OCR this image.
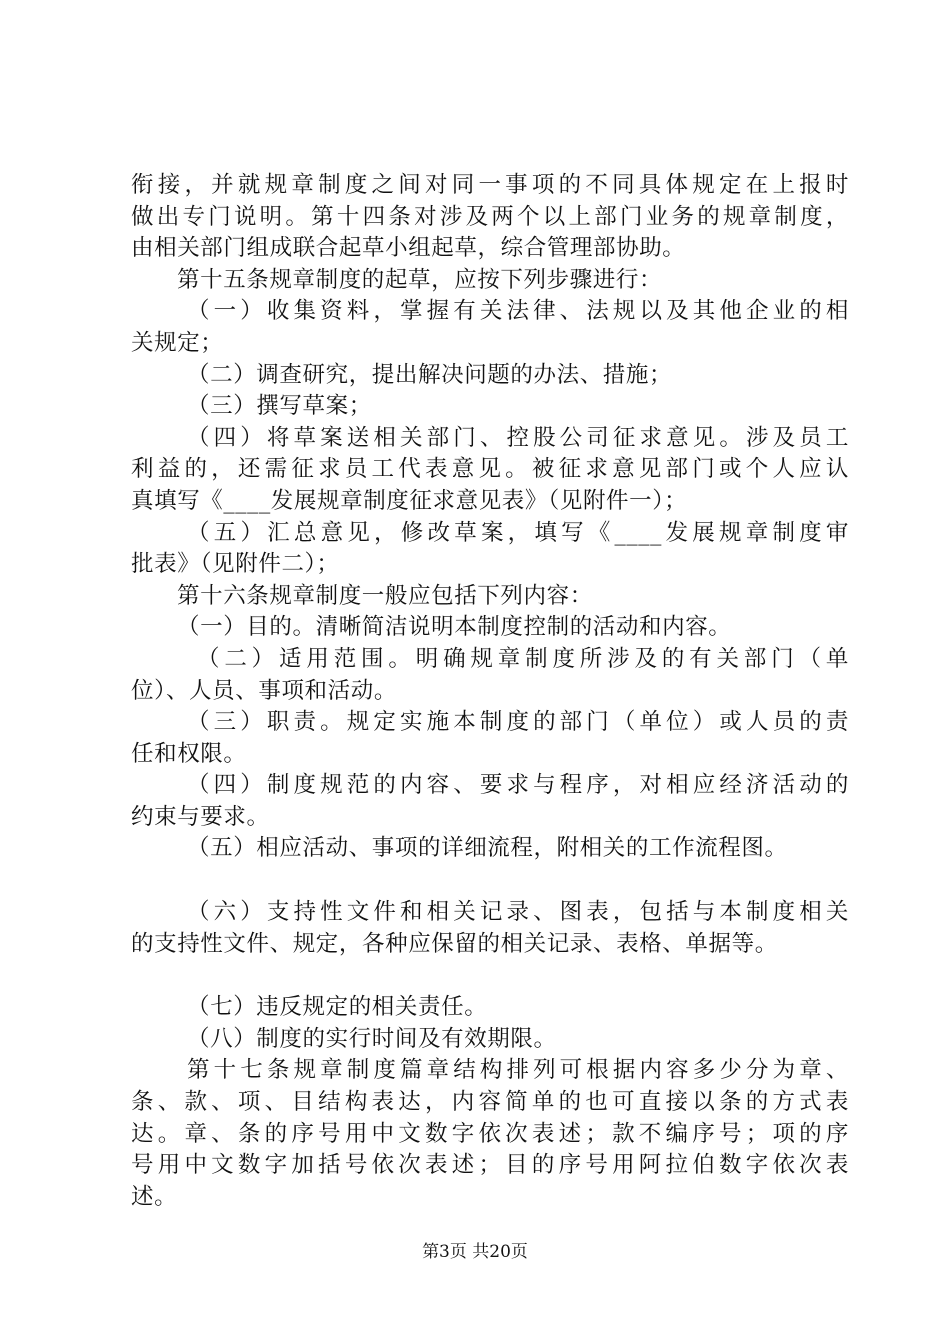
衔接，并就规章制度之间对同一事项的不同具体规定在上报时
做出专门说明。第十四条对涉及两个以上部门业务的规章制度，
由相关部门组成联合起草小组起草，综合管理部协助。
第十五条规章制度的起草，应按下列步骤进行：
（一）收集资料，掌握有关法律、法规以及其他企业的相
关规定；
（二）调查研究，提出解决问题的办法、措施；
（三）撰写草案；
（四）将草案送相关部门、控股公司征求意见。涉及员工
利益的，还需征求员工代表意见。被征求意见部门或个人应认
真填写《____发展规章制度征求意见表》（见附件一）；
（五）汇总意见，修改草案，填写《____发展规章制度审
批表》（见附件二）；
第十六条规章制度一般应包括下列内容：
（一）目的。清晰简洁说明本制度控制的活动和内容。
（二）适用范围。明确规章制度所涉及的有关部门（单
位）、人员、事项和活动。
（三）职责。规定实施本制度的部门（单位）或人员的责
任和权限。
（四）制度规范的内容、要求与程序，对相应经济活动的
约束与要求。
（五）相应活动、事项的详细流程，附相关的工作流程图。
（六）支持性文件和相关记录、图表，包括与本制度相关
的支持性文件、规定，各种应保留的相关记录、表格、单据等。
（七）违反规定的相关责任。
（八）制度的实行时间及有效期限。
第十七条规章制度篇章结构排列可根据内容多少分为章、
条、款、项、目结构表达，内容简单的也可直接以条的方式表
达。章、条的序号用中文数字依次表述；款不编序号；项的序
号用中文数字加括号依次表述；目的序号用阿拉伯数字依次表
述。
第3页 共20页
